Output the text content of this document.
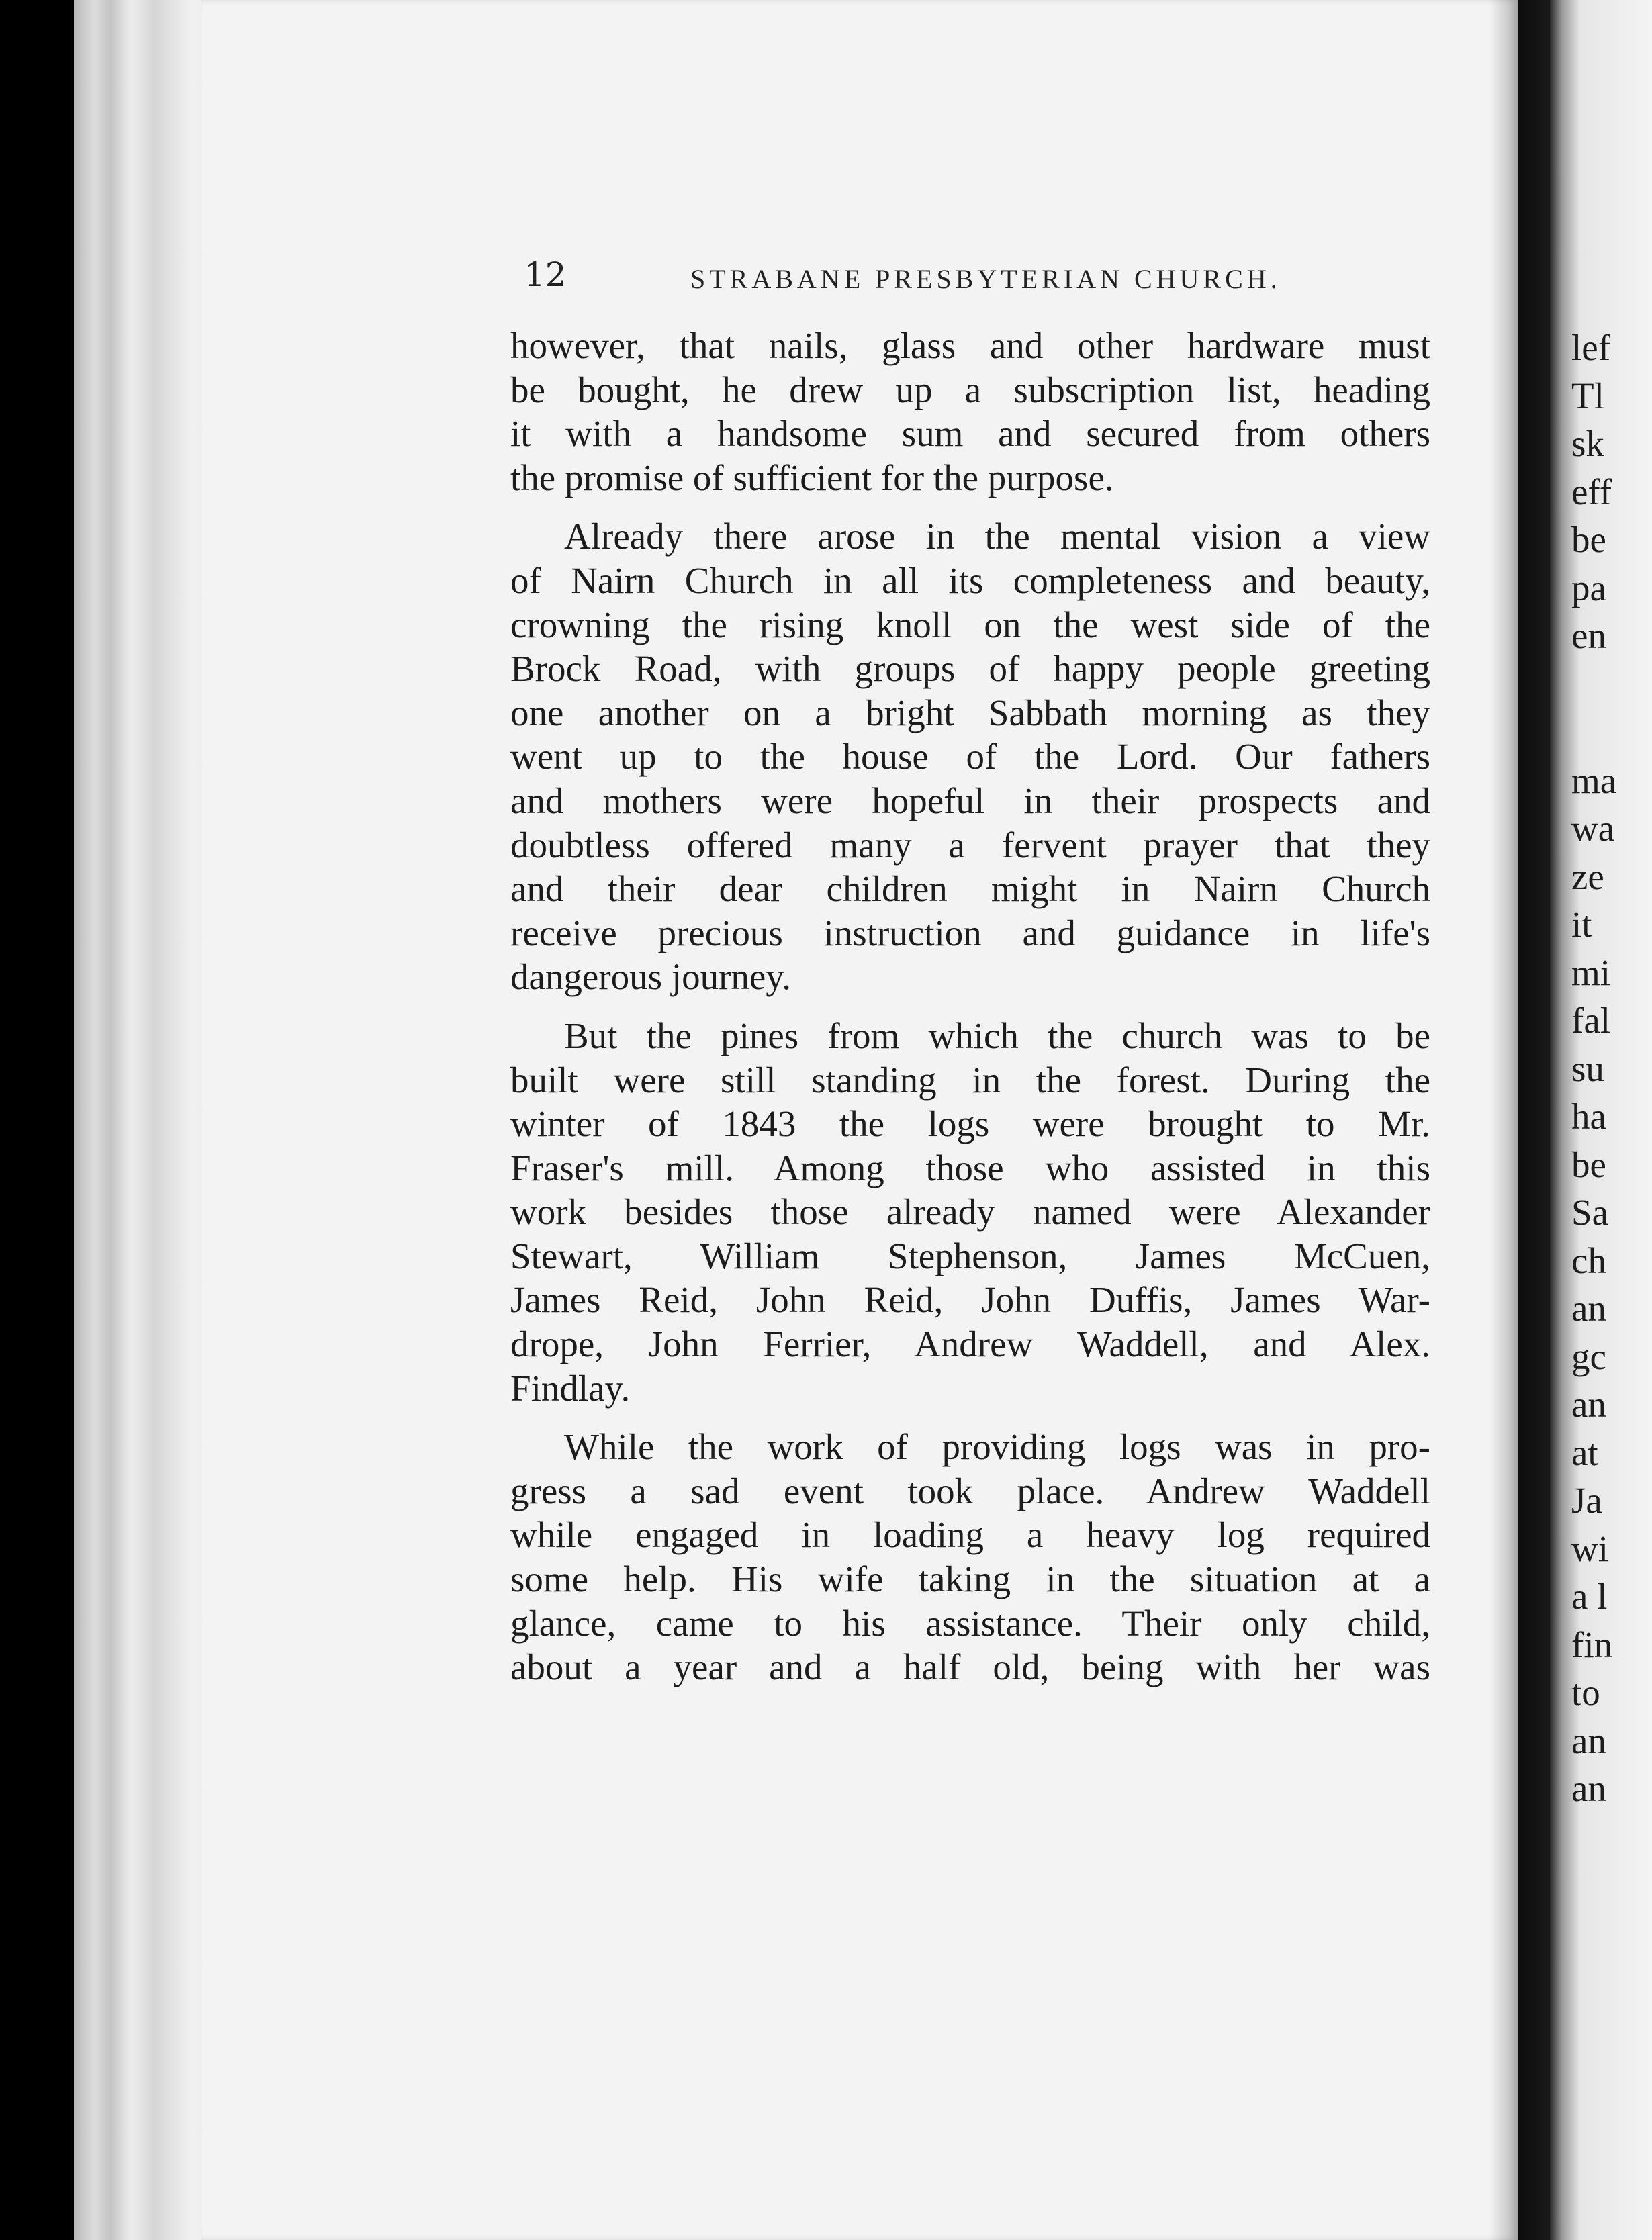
12	STRABANE PRESBYTERIAN CHURCH.
however, that nails, glass and other hardware must
be bought, he drew up a subscription list, heading
it with a handsome sum and secured from others
the promise of sufficient for the purpose.
Already there arose in the mental vision a view
of Nairn Church in all its completeness and beauty,
crowning the rising knoll on the west side of the
Brock Road, with groups of happy people greeting
one another on a bright Sabbath morning as they
went up to the house of the Lord. Our fathers
and mothers were hopeful in their prospects and
doubtless offered many a fervent prayer that they
and their dear children might in Nairn Church
receive precious instruction and guidance in life's
dangerous journey.
But the pines from which the church was to be
built were still standing in the forest. During the
winter of 1843 the logs were brought to Mr.
Fraser's mill. Among those who assisted in this
work besides those already named were Alexander
Stewart, William Stephenson, James McCuen,
James Reid, John Reid, John Duffis, James War-
drope, John Ferrier, Andrew Waddell, and Alex.
Findlay.
While the work of providing logs was in pro-
gress a sad event took place. Andrew Waddell
while engaged in loading a heavy log required
some help. His wife taking in the situation at a
glance, came to his assistance. Their only child,
about a year and a half old, being with her was
lef
Tl
sk
eff
be
pa
en
ma
wa
ze
it
mi
fal
su
ha
be
Sa
ch
an
gc
an
at
Ja
wi
a l
fin
to
an
an
